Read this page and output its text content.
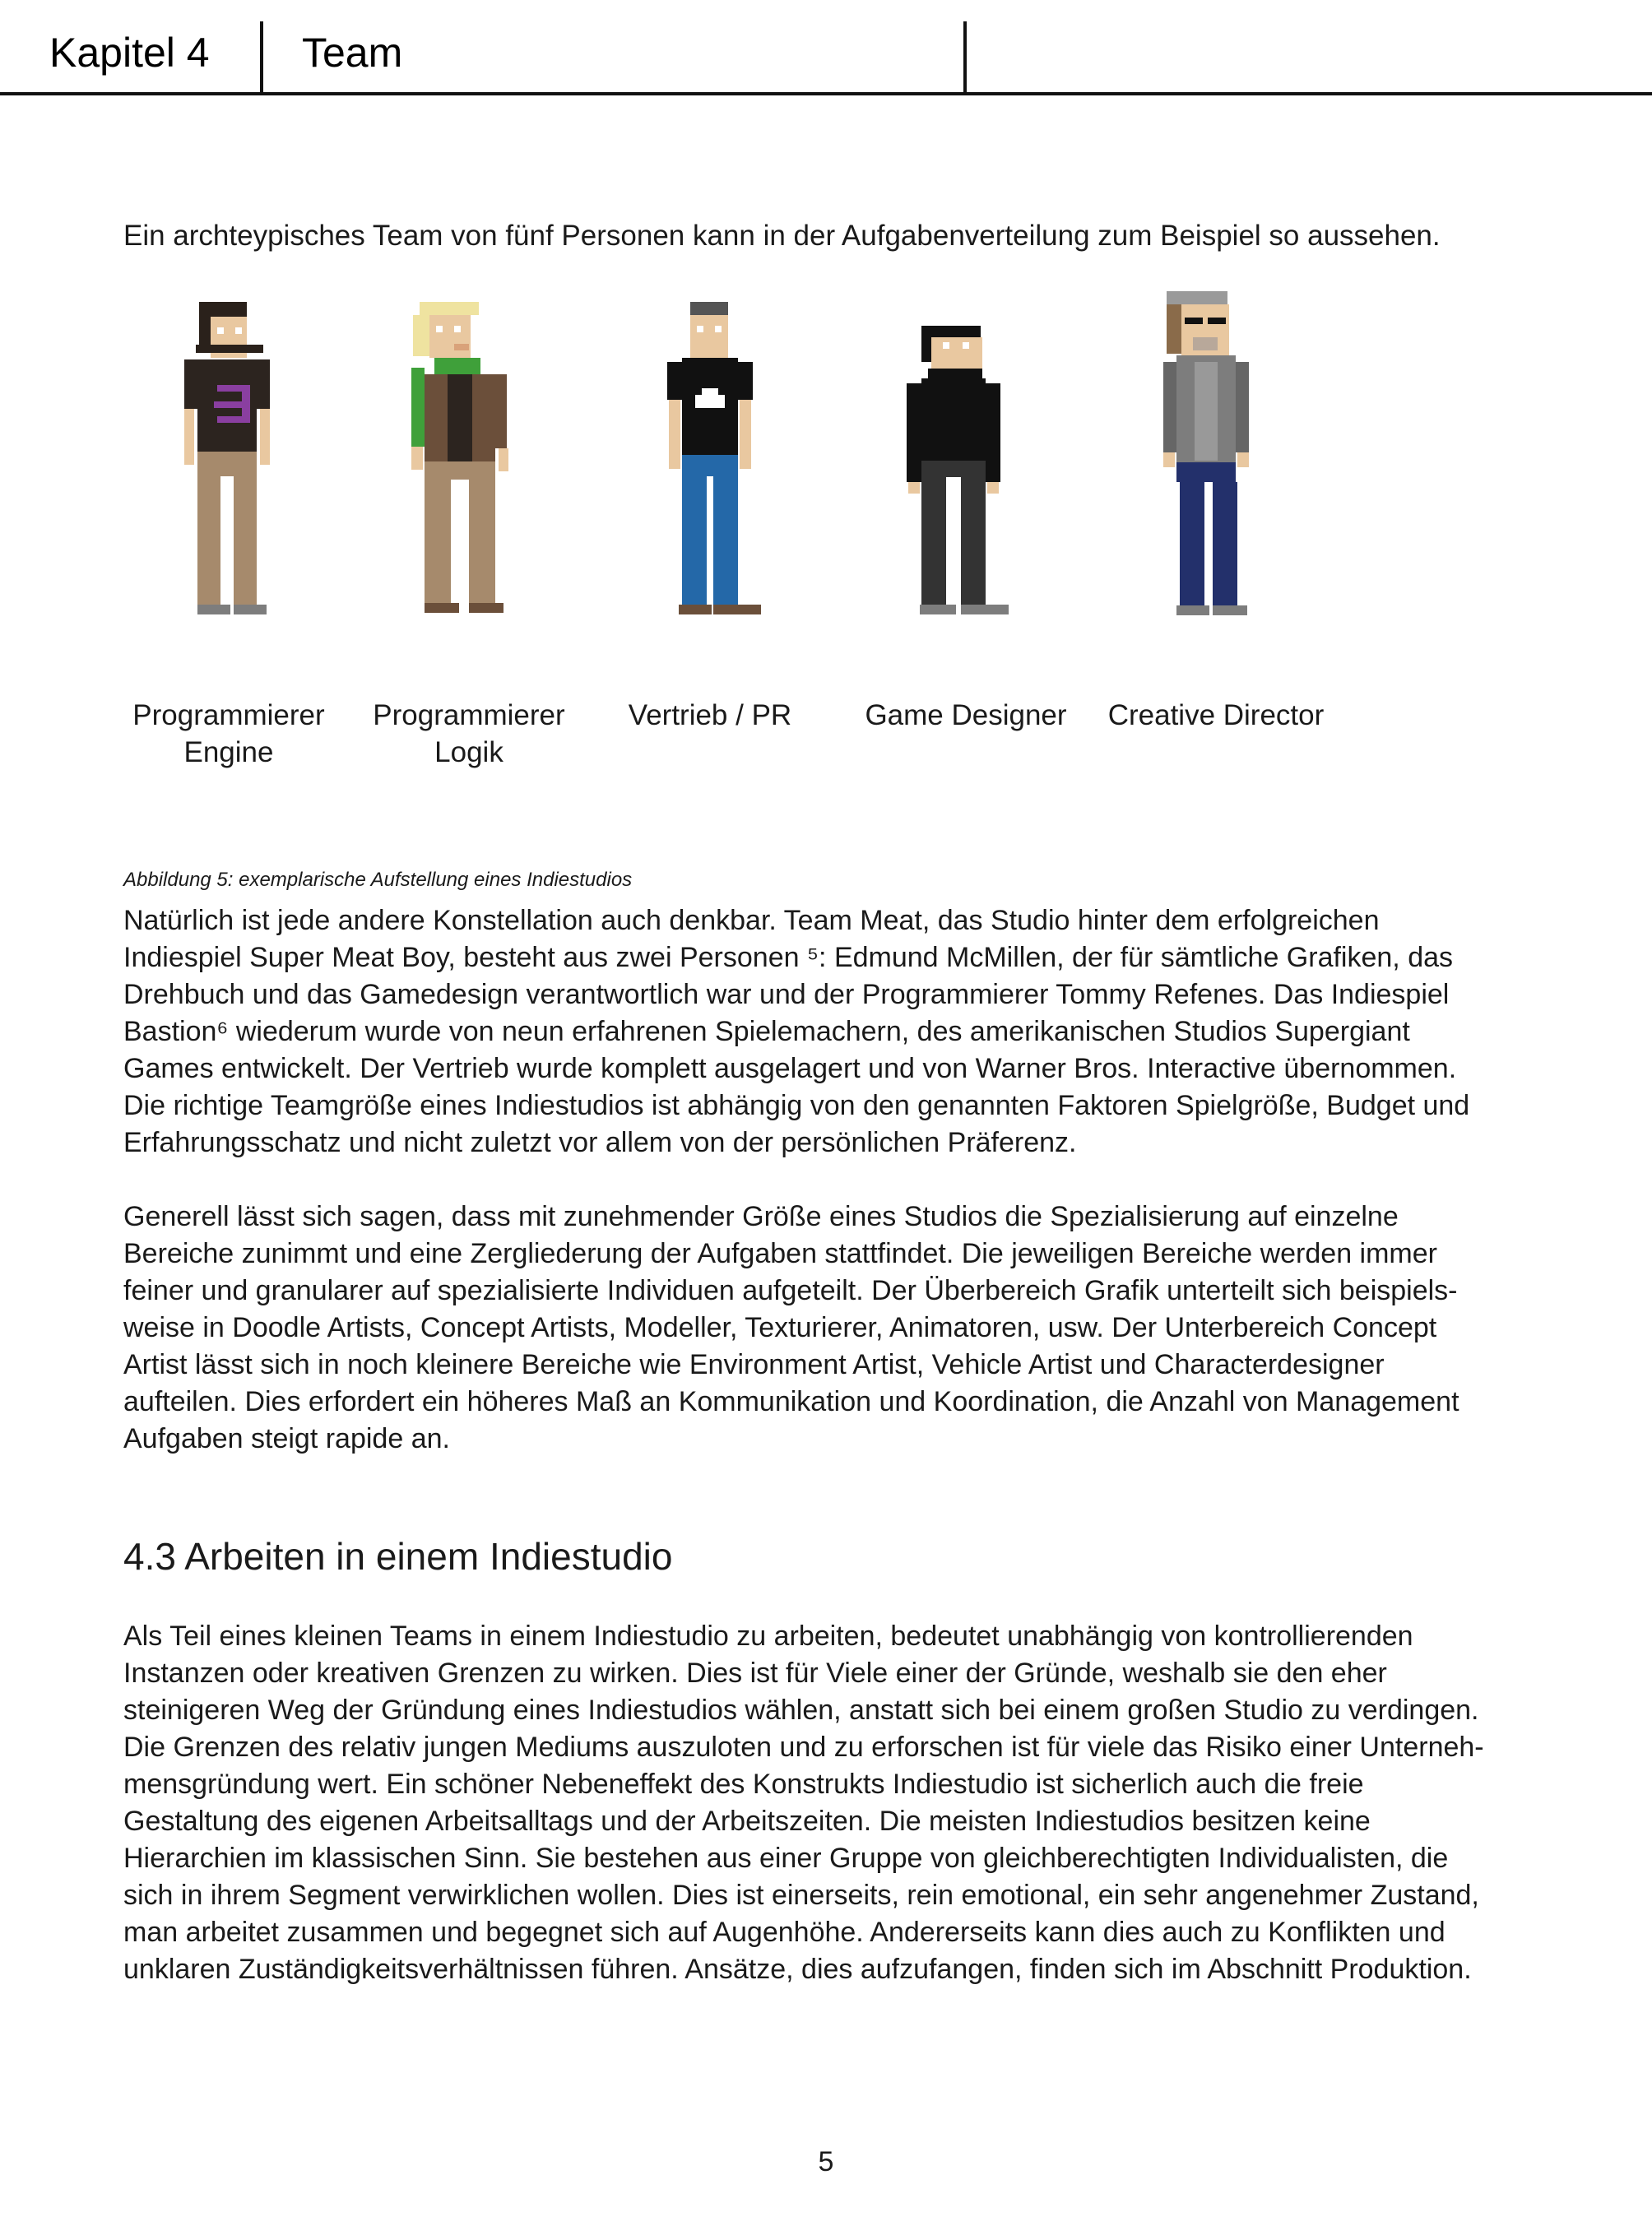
Kapitel 4 Team
Ein archteypisches Team von fünf Personen kann in der Aufgabenverteilung zum Beispiel so aussehen.
Programmierer
Engine
Programmierer
Logik
Vertrieb / PR	Game Designer	Creative Director
Abbildung 5: exemplarische Aufstellung eines Indiestudios

Natürlich ist jede andere Konstellation auch denkbar. Team Meat, das Studio hinter dem erfolgreichen
Indiespiel Super Meat Boy, besteht aus zwei Personen ⁵: Edmund McMillen, der für sämtliche Grafiken, das
Drehbuch und das Gamedesign verantwortlich war und der Programmierer Tommy Refenes. Das Indiespiel
Bastion⁶ wiederum wurde von neun erfahrenen Spielemachern, des amerikanischen Studios Supergiant
Games entwickelt. Der Vertrieb wurde komplett ausgelagert und von Warner Bros. Interactive übernommen.
Die richtige Teamgröße eines Indiestudios ist abhängig von den genannten Faktoren Spielgröße, Budget und
Erfahrungsschatz und nicht zuletzt vor allem von der persönlichen Präferenz.

Generell lässt sich sagen, dass mit zunehmender Größe eines Studios die Spezialisierung auf einzelne
Bereiche zunimmt und eine Zergliederung der Aufgaben stattfindet. Die jeweiligen Bereiche werden immer
feiner und granularer auf spezialisierte Individuen aufgeteilt. Der Überbereich Grafik unterteilt sich beispiels-
weise in Doodle Artists, Concept Artists, Modeller, Texturierer, Animatoren, usw. Der Unterbereich Concept
Artist lässt sich in noch kleinere Bereiche wie Environment Artist, Vehicle Artist und Characterdesigner
aufteilen. Dies erfordert ein höheres Maß an Kommunikation und Koordination, die Anzahl von Management
Aufgaben steigt rapide an.

4.3 Arbeiten in einem Indiestudio

Als Teil eines kleinen Teams in einem Indiestudio zu arbeiten, bedeutet unabhängig von kontrollierenden
Instanzen oder kreativen Grenzen zu wirken. Dies ist für Viele einer der Gründe, weshalb sie den eher
steinigeren Weg der Gründung eines Indiestudios wählen, anstatt sich bei einem großen Studio zu verdingen.
Die Grenzen des relativ jungen Mediums auszuloten und zu erforschen ist für viele das Risiko einer Unterneh-
mensgründung wert. Ein schöner Nebeneffekt des Konstrukts Indiestudio ist sicherlich auch die freie
Gestaltung des eigenen Arbeitsalltags und der Arbeitszeiten. Die meisten Indiestudios besitzen keine
Hierarchien im klassischen Sinn. Sie bestehen aus einer Gruppe von gleichberechtigten Individualisten, die
sich in ihrem Segment verwirklichen wollen. Dies ist einerseits, rein emotional, ein sehr angenehmer Zustand,
man arbeitet zusammen und begegnet sich auf Augenhöhe. Andererseits kann dies auch zu Konflikten und
unklaren Zuständigkeitsverhältnissen führen. Ansätze, dies aufzufangen, finden sich im Abschnitt Produktion.

5
